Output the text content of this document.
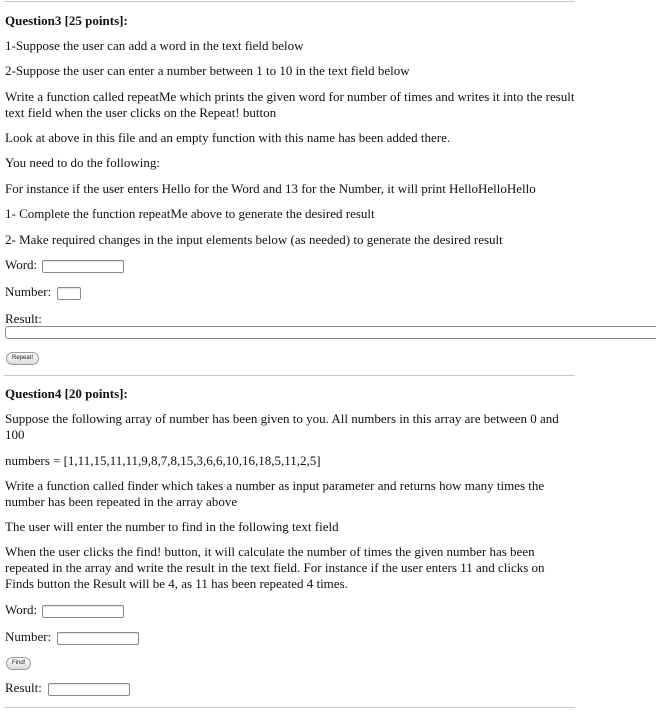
Question3 [25 points]:
1-Suppose the user can add a word in the text field below
2-Suppose the user can enter a number between 1 to 10 in the text field below
Write a function called repeatMe which prints the given word for number of times and writes it into the result text field when the user clicks on the Repeat! button
Look at above in this file and an empty function with this name has been added there.
You need to do the following:
For instance if the user enters Hello for the Word and 13 for the Number, it will print HelloHelloHello
1- Complete the function repeatMe above to generate the desired result
2- Make required changes in the input elements below (as needed) to generate the desired result
Word:
Number:
Result:
Repeat!
Question4 [20 points]:
Suppose the following array of number has been given to you. All numbers in this array are between 0 and 100
numbers = [1,11,15,11,11,9,8,7,8,15,3,6,6,10,16,18,5,11,2,5]
Write a function called finder which takes a number as input parameter and returns how many times the number has been repeated in the array above
The user will enter the number to find in the following text field
When the user clicks the find! button, it will calculate the number of times the given number has been repeated in the array and write the result in the text field. For instance if the user enters 11 and clicks on Finds button the Result will be 4, as 11 has been repeated 4 times.
Word:
Number:
Find!
Result:
